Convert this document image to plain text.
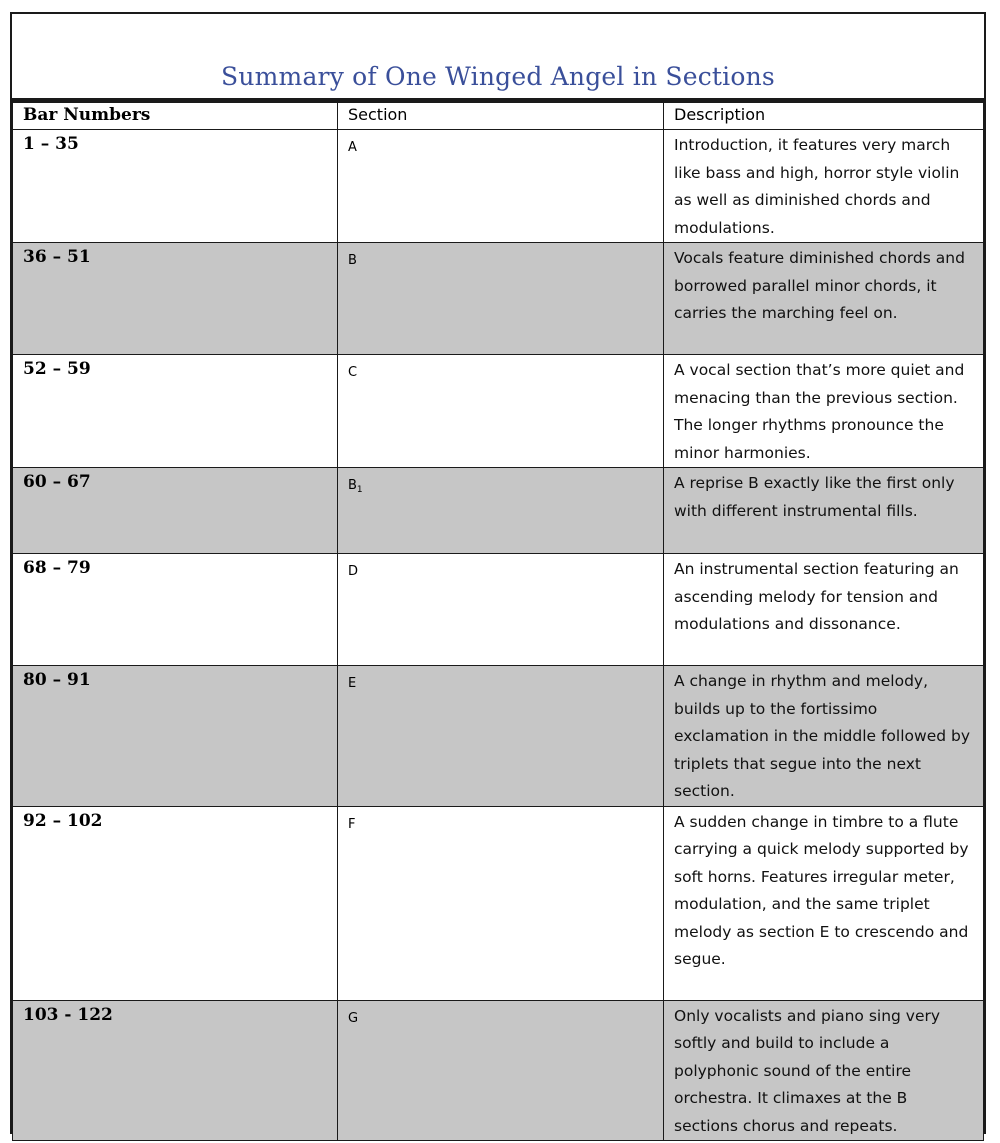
Summary of One Winged Angel in Sections
Bar Numbers	Section	Description
1 – 35	A	Introduction, it features very march like bass and high, horror style violin as well as diminished chords and modulations.
36 – 51	B	Vocals feature diminished chords and borrowed parallel minor chords, it carries the marching feel on.
52 – 59	C	A vocal section that’s more quiet and menacing than the previous section. The longer rhythms pronounce the minor harmonies.
60 – 67	$B_1$	A reprise B exactly like the first only with different instrumental fills.
68 – 79	D	An instrumental section featuring an ascending melody for tension and modulations and dissonance.
80 – 91	E	A change in rhythm and melody, builds up to the fortissimo exclamation in the middle followed by triplets that segue into the next section.
92 – 102	F	A sudden change in timbre to a flute carrying a quick melody supported by soft horns. Features irregular meter, modulation, and the same triplet melody as section E to crescendo and segue.
103 - 122	G	Only vocalists and piano sing very softly and build to include a polyphonic sound of the entire orchestra. It climaxes at the B sections chorus and repeats.
